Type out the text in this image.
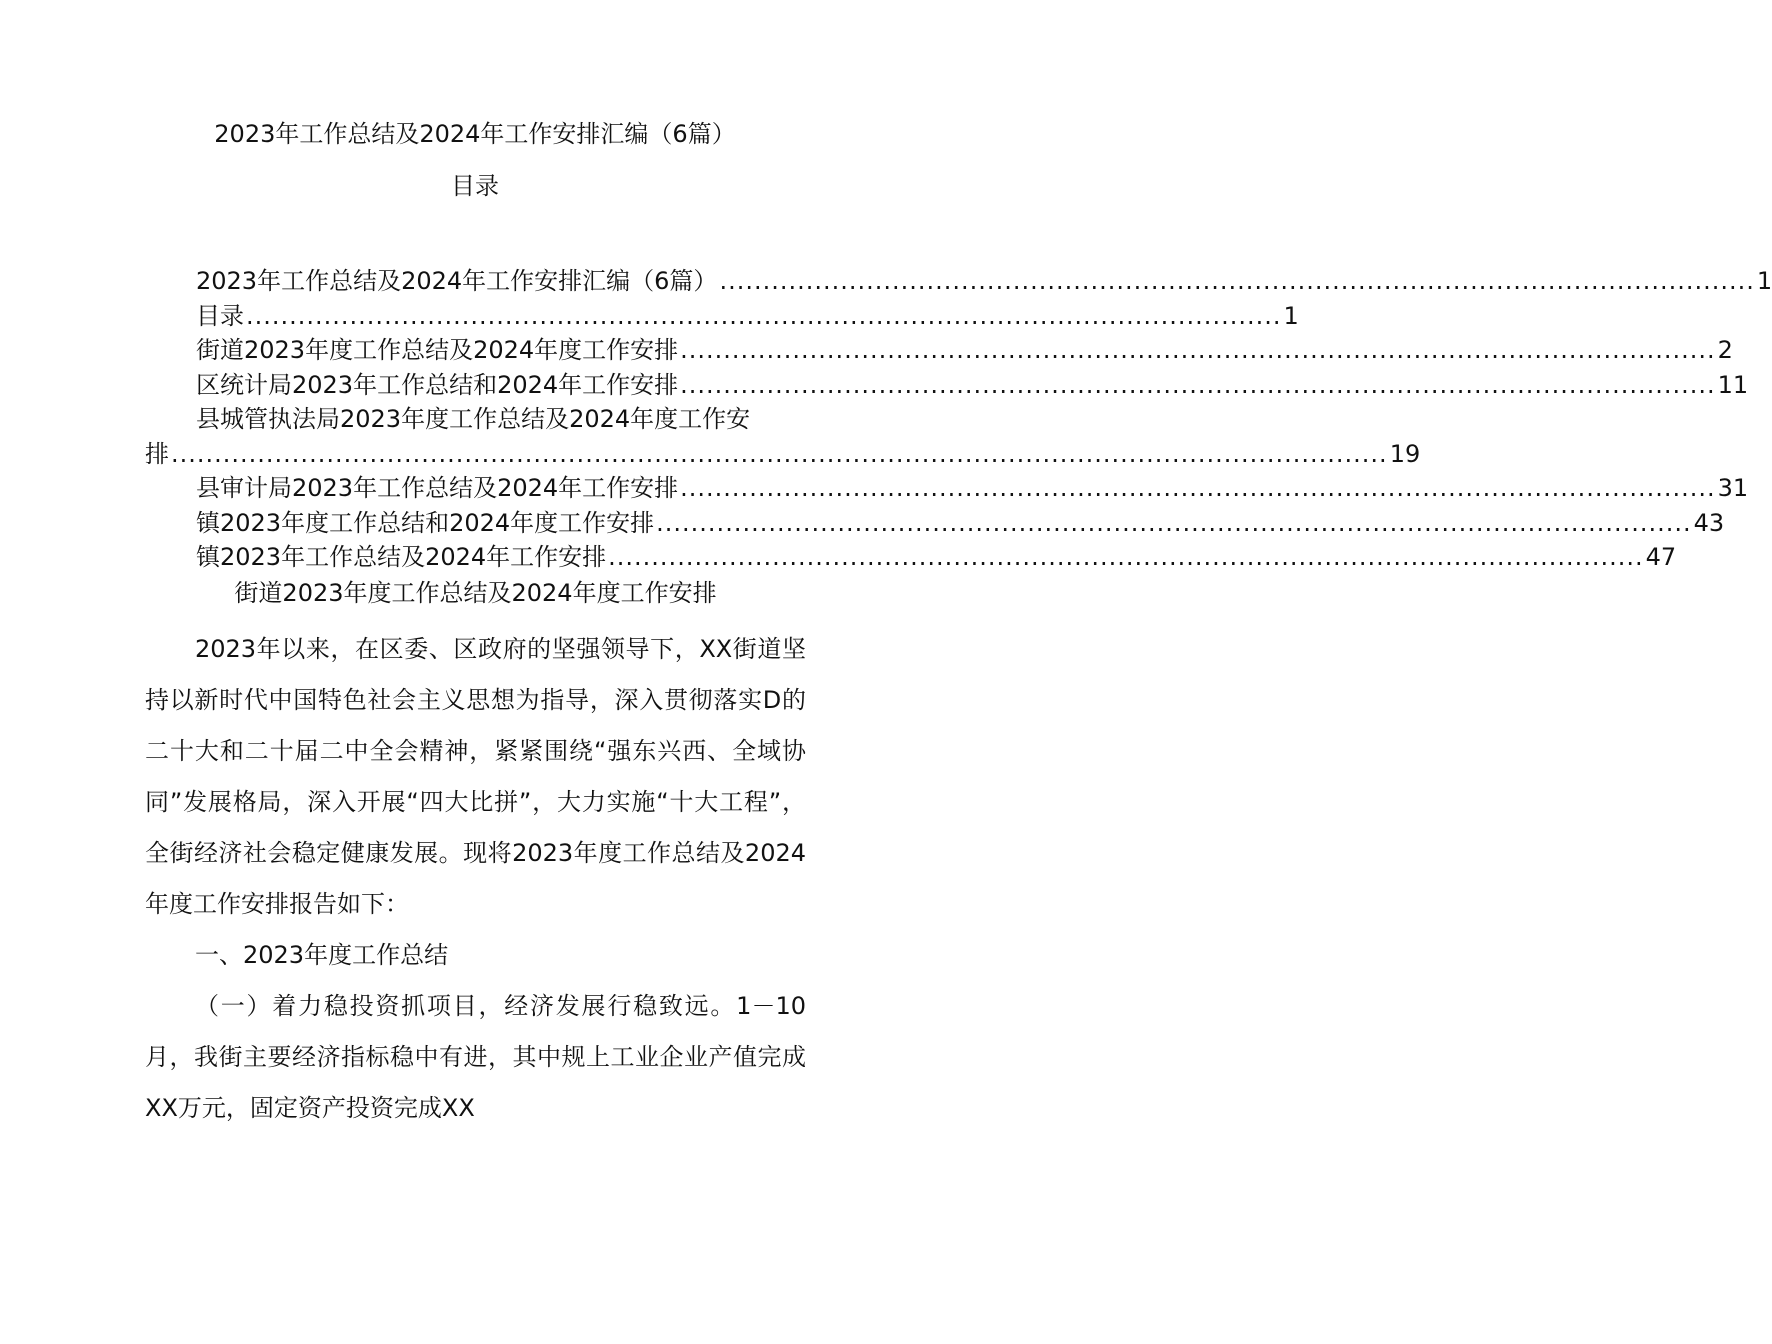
2023年工作总结及2024年工作安排汇编（6篇）
目录
2023年工作总结及2024年工作安排汇编（6篇） ........................................................................................................................ 1
目录 ........................................................................................................................ 1
街道2023年度工作总结及2024年度工作安排 ........................................................................................................................ 2
区统计局2023年工作总结和2024年工作安排 ........................................................................................................................ 11
县城管执法局2023年度工作总结及2024年度工作安
排 ............................................................................................................................................. 19
县审计局2023年工作总结及2024年工作安排 ........................................................................................................................ 31
镇2023年度工作总结和2024年度工作安排 ........................................................................................................................ 43
镇2023年工作总结及2024年工作安排 ........................................................................................................................ 47
街道2023年度工作总结及2024年度工作安排

2023年以来，在区委、区政府的坚强领导下，XX街道坚持以新时代中国特色社会主义思想为指导，深入贯彻落实D的二十大和二十届二中全会精神，紧紧围绕“强东兴西、全域协同”发展格局，深入开展“四大比拼”，大力实施“十大工程”，全街经济社会稳定健康发展。现将2023年度工作总结及2024年度工作安排报告如下：

一、2023年度工作总结

（一）着力稳投资抓项目，经济发展行稳致远。1－10月，我街主要经济指标稳中有进，其中规上工业企业产值完成XX万元，固定资产投资完成XX
